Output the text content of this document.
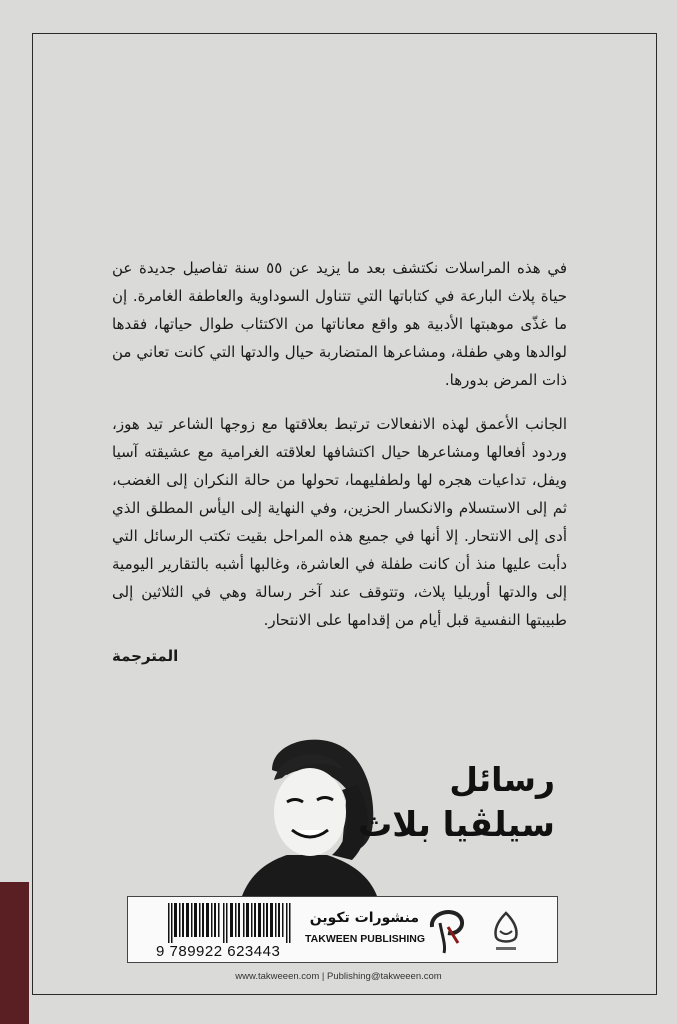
في هذه المراسلات نكتشف بعد ما يزيد عن ٥٥ سنة تفاصيل جديدة عن حياة پلاث البارعة في كتاباتها التي تتناول السوداوية والعاطفة الغامرة. إن ما غذّى موهبتها الأدبية هو واقع معاناتها من الاكتئاب طوال حياتها، فقدها لوالدها وهي طفلة، ومشاعرها المتضاربة حيال والدتها التي كانت تعاني من ذات المرض بدورها.

الجانب الأعمق لهذه الانفعالات ترتبط بعلاقتها مع زوجها الشاعر تيد هوز، وردود أفعالها ومشاعرها حيال اكتشافها لعلاقته الغرامية مع عشيقته آسيا ويفل، تداعيات هجره لها ولطفليهما، تحولها من حالة النكران إلى الغضب، ثم إلى الاستسلام والانكسار الحزين، وفي النهاية إلى اليأس المطلق الذي أدى إلى الانتحار. إلا أنها في جميع هذه المراحل بقيت تكتب الرسائل التي دأبت عليها منذ أن كانت طفلة في العاشرة، وغالبها أشبه بالتقارير اليومية إلى والدتها أوريليا پلاث، وتتوقف عند آخر رسالة وهي في الثلاثين إلى طبيبتها النفسية قبل أيام من إقدامها على الانتحار.

المترجمة
رسائل
سيلڤيا بلاث
9 789922 623443
منشورات تكوين
TAKWEEN PUBLISHING
www.takweeen.com | Publishing@takweeen.com
